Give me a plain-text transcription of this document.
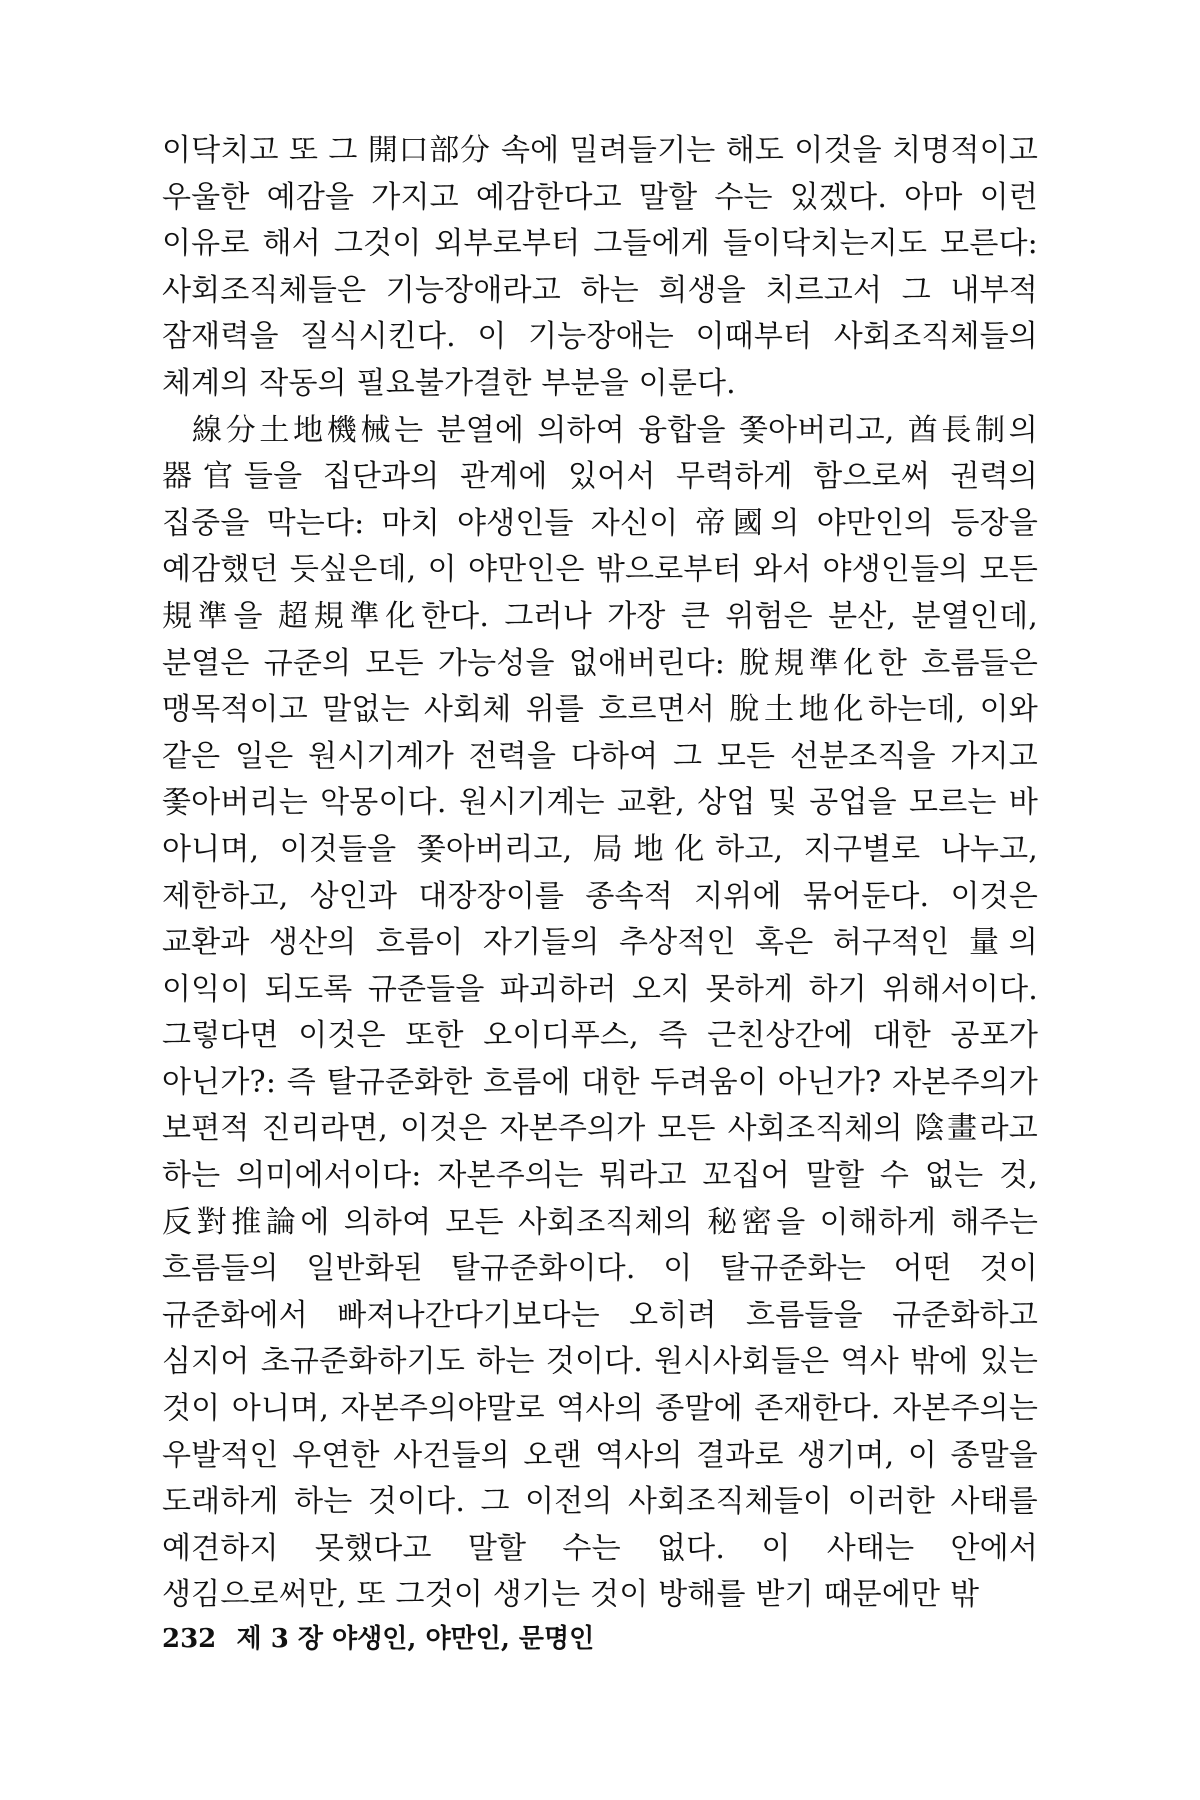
이닥치고 또 그 開口部分 속에 밀려들기는 해도 이것을 치명적이고 우울한 예감을 가지고 예감한다고 말할 수는 있겠다. 아마 이런 이유로 해서 그것이 외부로부터 그들에게 들이닥치는지도 모른다: 사회조직체들은 기능장애라고 하는 희생을 치르고서 그 내부적 잠재력을 질식시킨다. 이 기능장애는 이때부터 사회조직체들의 체계의 작동의 필요불가결한 부분을 이룬다.

線分土地機械는 분열에 의하여 융합을 쫓아버리고, 酋長制의 器官들을 집단과의 관계에 있어서 무력하게 함으로써 권력의 집중을 막는다: 마치 야생인들 자신이 帝國의 야만인의 등장을 예감했던 듯싶은데, 이 야만인은 밖으로부터 와서 야생인들의 모든 規準을 超規準化한다. 그러나 가장 큰 위험은 분산, 분열인데, 분열은 규준의 모든 가능성을 없애버린다: 脫規準化한 흐름들은 맹목적이고 말없는 사회체 위를 흐르면서 脫土地化하는데, 이와 같은 일은 원시기계가 전력을 다하여 그 모든 선분조직을 가지고 쫓아버리는 악몽이다. 원시기계는 교환, 상업 및 공업을 모르는 바 아니며, 이것들을 쫓아버리고, 局地化하고, 지구별로 나누고, 제한하고, 상인과 대장장이를 종속적 지위에 묶어둔다. 이것은 교환과 생산의 흐름이 자기들의 추상적인 혹은 허구적인 量의 이익이 되도록 규준들을 파괴하러 오지 못하게 하기 위해서이다. 그렇다면 이것은 또한 오이디푸스, 즉 근친상간에 대한 공포가 아닌가?: 즉 탈규준화한 흐름에 대한 두려움이 아닌가? 자본주의가 보편적 진리라면, 이것은 자본주의가 모든 사회조직체의 陰畫라고 하는 의미에서이다: 자본주의는 뭐라고 꼬집어 말할 수 없는 것, 反對推論에 의하여 모든 사회조직체의 秘密을 이해하게 해주는 흐름들의 일반화된 탈규준화이다. 이 탈규준화는 어떤 것이 규준화에서 빠져나간다기보다는 오히려 흐름들을 규준화하고 심지어 초규준화하기도 하는 것이다. 원시사회들은 역사 밖에 있는 것이 아니며, 자본주의야말로 역사의 종말에 존재한다. 자본주의는 우발적인 우연한 사건들의 오랜 역사의 결과로 생기며, 이 종말을 도래하게 하는 것이다. 그 이전의 사회조직체들이 이러한 사태를 예견하지 못했다고 말할 수는 없다. 이 사태는 안에서 생김으로써만, 또 그것이 생기는 것이 방해를 받기 때문에만 밖

232 제 3 장 야생인, 야만인, 문명인
